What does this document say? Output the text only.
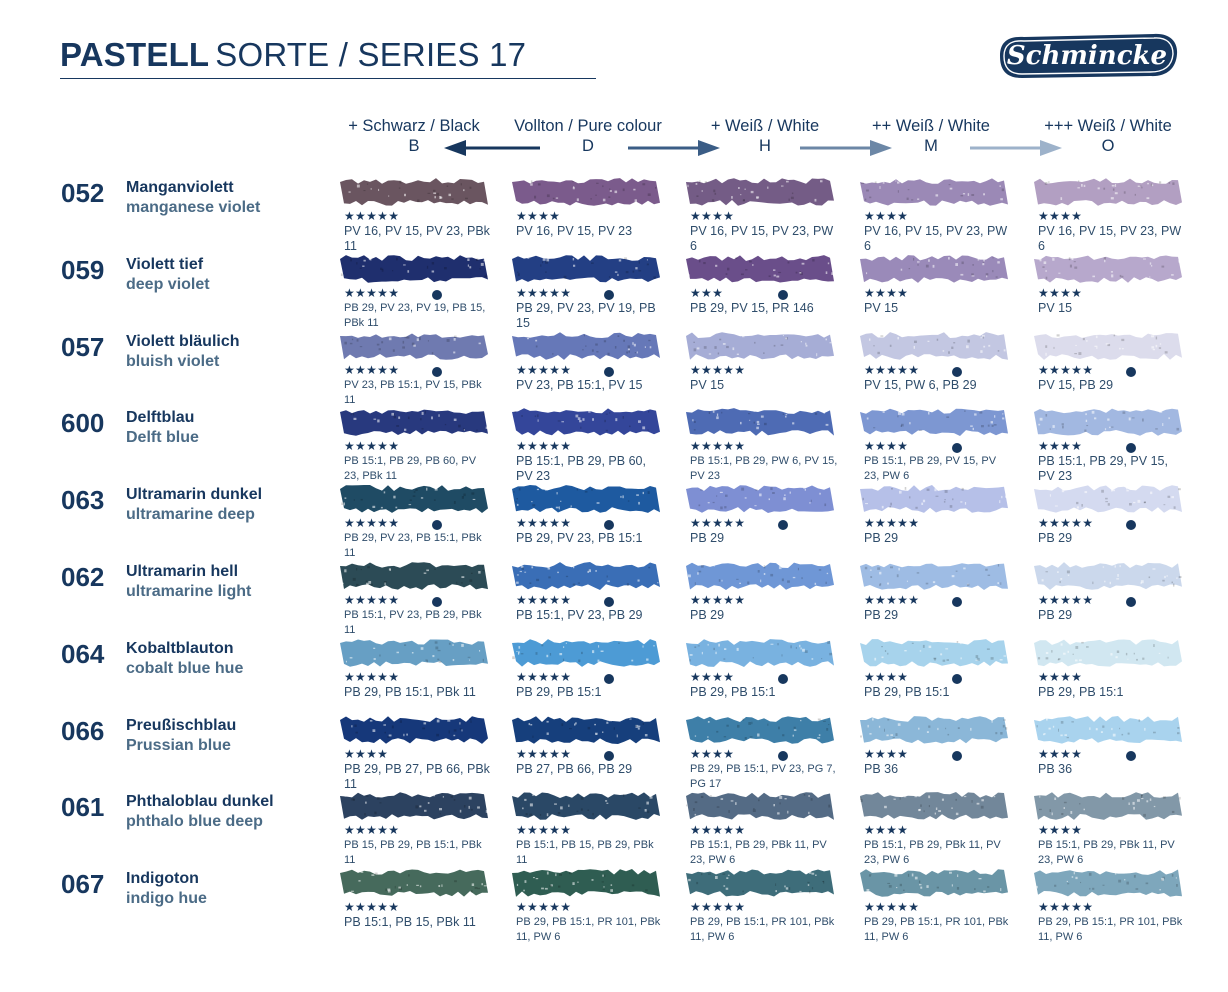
PASTELL SORTE / SERIES 17	Schmincke
+ Schwarz / Black
B
Vollton / Pure colour
D
+ Weiß / White
H
++ Weiß / White
M
+++ Weiß / White
O
052 Manganviolett
manganese violet	★★★★★
PV 16, PV 15, PV 23, PBk 11
★★★★
PV 16, PV 15, PV 23
★★★★
PV 16, PV 15, PV 23, PW 6
★★★★
PV 16, PV 15, PV 23, PW 6
★★★★
PV 16, PV 15, PV 23, PW 6
059 Violett tief
deep violet	★★★★★
PB 29, PV 23, PV 19, PB 15, PBk 11
★★★★★
PB 29, PV 23, PV 19, PB 15
★★★
PB 29, PV 15, PR 146
★★★★
PV 15
★★★★
PV 15
057 Violett bläulich
bluish violet	★★★★★
PV 23, PB 15:1, PV 15, PBk 11
★★★★★
PV 23, PB 15:1, PV 15
★★★★★
PV 15
★★★★★
PV 15, PW 6, PB 29
★★★★★
PV 15, PB 29
600 Delftblau
Delft blue	★★★★★
PB 15:1, PB 29, PB 60, PV 23, PBk 11
★★★★★
PB 15:1, PB 29, PB 60, PV 23
★★★★★
PB 15:1, PB 29, PW 6, PV 15, PV 23
★★★★
PB 15:1, PB 29, PV 15, PV 23, PW 6
★★★★
PB 15:1, PB 29, PV 15, PV 23
063 Ultramarin dunkel
ultramarine deep	★★★★★
PB 29, PV 23, PB 15:1, PBk 11
★★★★★
PB 29, PV 23, PB 15:1
★★★★★
PB 29
★★★★★
PB 29
★★★★★
PB 29
062 Ultramarin hell
ultramarine light	★★★★★
PB 15:1, PV 23, PB 29, PBk 11
★★★★★
PB 15:1, PV 23, PB 29
★★★★★
PB 29
★★★★★
PB 29
★★★★★
PB 29
064 Kobaltblauton
cobalt blue hue	★★★★★
PB 29, PB 15:1, PBk 11
★★★★★
PB 29, PB 15:1
★★★★
PB 29, PB 15:1
★★★★
PB 29, PB 15:1
★★★★
PB 29, PB 15:1
066 Preußischblau
Prussian blue	★★★★
PB 29, PB 27, PB 66, PBk 11
★★★★★
PB 27, PB 66, PB 29
★★★★
PB 29, PB 15:1, PV 23, PG 7, PG 17
★★★★
PB 36
★★★★
PB 36
061 Phthaloblau dunkel
phthalo blue deep	★★★★★
PB 15, PB 29, PB 15:1, PBk 11
★★★★★
PB 15:1, PB 15, PB 29, PBk 11
★★★★★
PB 15:1, PB 29, PBk 11, PV 23, PW 6
★★★★
PB 15:1, PB 29, PBk 11, PV 23, PW 6
★★★★
PB 15:1, PB 29, PBk 11, PV 23, PW 6
067 Indigoton
indigo hue	★★★★★
PB 15:1, PB 15, PBk 11
★★★★★
PB 29, PB 15:1, PR 101, PBk 11, PW 6
★★★★★
PB 29, PB 15:1, PR 101, PBk 11, PW 6
★★★★★
PB 29, PB 15:1, PR 101, PBk 11, PW 6
★★★★★
PB 29, PB 15:1, PR 101, PBk 11, PW 6
